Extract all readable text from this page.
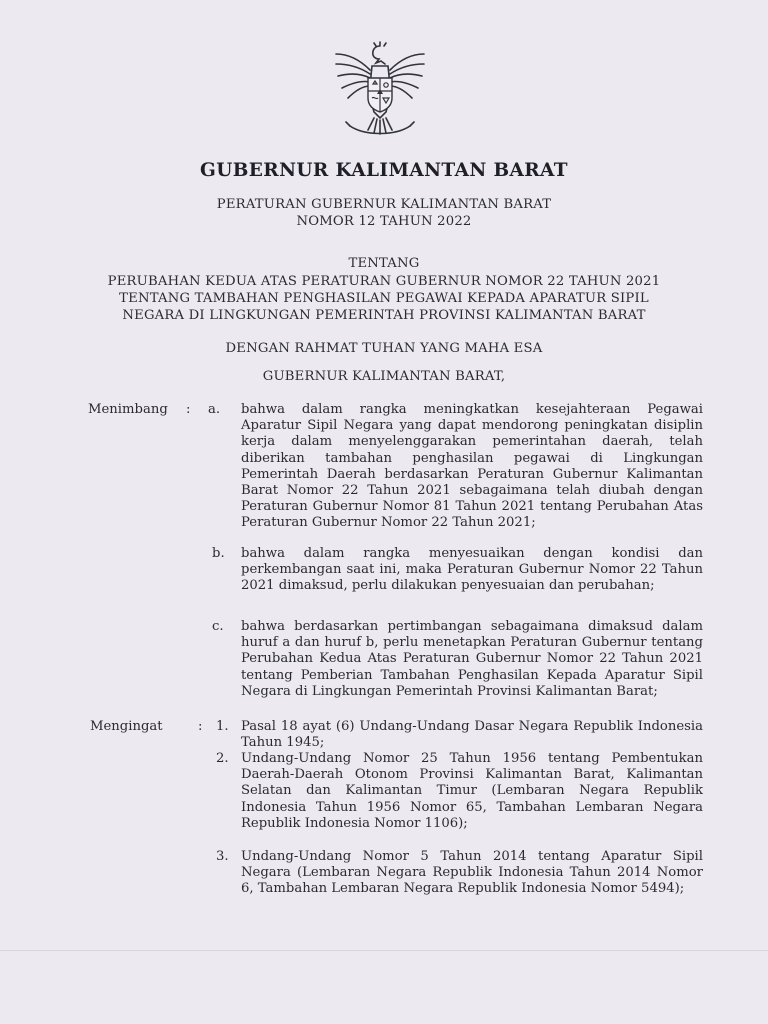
GUBERNUR KALIMANTAN BARAT
PERATURAN GUBERNUR KALIMANTAN BARAT
NOMOR 12 TAHUN 2022
TENTANG
PERUBAHAN KEDUA ATAS PERATURAN GUBERNUR NOMOR 22 TAHUN 2021
TENTANG TAMBAHAN PENGHASILAN PEGAWAI KEPADA APARATUR SIPIL
NEGARA DI LINGKUNGAN PEMERINTAH PROVINSI KALIMANTAN BARAT
DENGAN RAHMAT TUHAN YANG MAHA ESA
GUBERNUR KALIMANTAN BARAT,
Menimbang : a. bahwa dalam rangka meningkatkan kesejahteraan Pegawai Aparatur Sipil Negara yang dapat mendorong peningkatan disiplin kerja dalam menyelenggarakan pemerintahan daerah, telah diberikan tambahan penghasilan pegawai di Lingkungan Pemerintah Daerah berdasarkan Peraturan Gubernur Kalimantan Barat Nomor 22 Tahun 2021 sebagaimana telah diubah dengan Peraturan Gubernur Nomor 81 Tahun 2021 tentang Perubahan Atas Peraturan Gubernur Nomor 22 Tahun 2021;
b. bahwa dalam rangka menyesuaikan dengan kondisi dan perkembangan saat ini, maka Peraturan Gubernur Nomor 22 Tahun 2021 dimaksud, perlu dilakukan penyesuaian dan perubahan;
c. bahwa berdasarkan pertimbangan sebagaimana dimaksud dalam huruf a dan huruf b, perlu menetapkan Peraturan Gubernur tentang Perubahan Kedua Atas Peraturan Gubernur Nomor 22 Tahun 2021 tentang Pemberian Tambahan Penghasilan Kepada Aparatur Sipil Negara di Lingkungan Pemerintah Provinsi Kalimantan Barat;
Mengingat	: 1. Pasal 18 ayat (6) Undang-Undang Dasar Negara Republik Indonesia Tahun 1945;
2. Undang-Undang Nomor 25 Tahun 1956 tentang Pembentukan Daerah-Daerah Otonom Provinsi Kalimantan Barat, Kalimantan Selatan dan Kalimantan Timur (Lembaran Negara Republik Indonesia Tahun 1956 Nomor 65, Tambahan Lembaran Negara Republik Indonesia Nomor 1106);
3. Undang-Undang Nomor 5 Tahun 2014 tentang Aparatur Sipil Negara (Lembaran Negara Republik Indonesia Tahun 2014 Nomor 6, Tambahan Lembaran Negara Republik Indonesia Nomor 5494);
